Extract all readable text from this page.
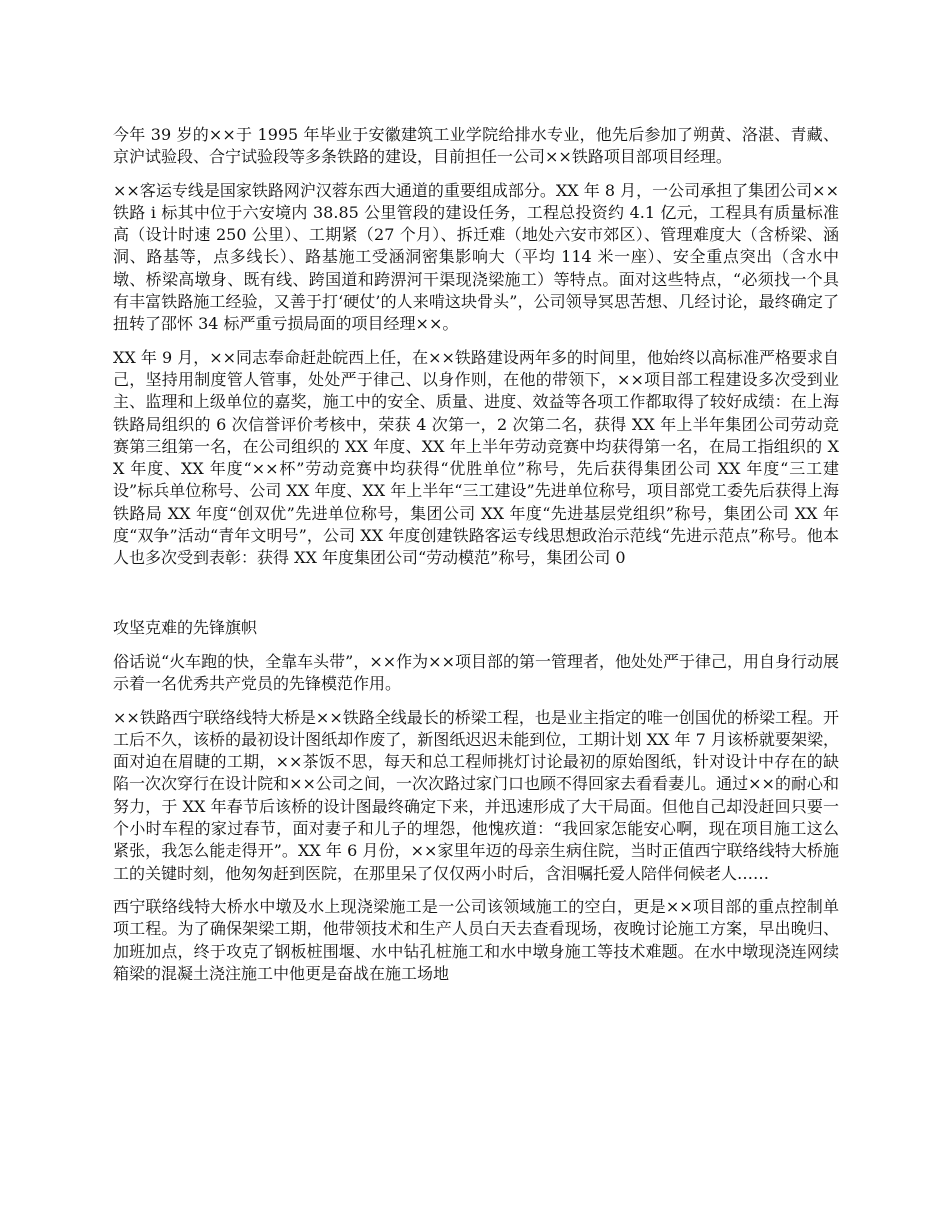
今年 39 岁的××于 1995 年毕业于安徽建筑工业学院给排水专业，他先后参加了朔黄、洛湛、青藏、京沪试验段、合宁试验段等多条铁路的建设，目前担任一公司××铁路项目部项目经理。

××客运专线是国家铁路网沪汉蓉东西大通道的重要组成部分。XX 年 8 月，一公司承担了集团公司××铁路 i 标其中位于六安境内 38.85 公里管段的建设任务，工程总投资约 4.1 亿元，工程具有质量标准高（设计时速 250 公里）、工期紧（27 个月）、拆迁难（地处六安市郊区）、管理难度大（含桥梁、涵洞、路基等，点多线长）、路基施工受涵洞密集影响大（平均 114 米一座）、安全重点突出（含水中墩、桥梁高墩身、既有线、跨国道和跨淠河干渠现浇梁施工）等特点。面对这些特点，“必须找一个具有丰富铁路施工经验，又善于打‘硬仗’的人来啃这块骨头”，公司领导冥思苦想、几经讨论，最终确定了扭转了邵怀 34 标严重亏损局面的项目经理××。

XX 年 9 月，××同志奉命赶赴皖西上任，在××铁路建设两年多的时间里，他始终以高标准严格要求自己，坚持用制度管人管事，处处严于律己、以身作则，在他的带领下，××项目部工程建设多次受到业主、监理和上级单位的嘉奖，施工中的安全、质量、进度、效益等各项工作都取得了较好成绩：在上海铁路局组织的 6 次信誉评价考核中，荣获 4 次第一，2 次第二名，获得 XX 年上半年集团公司劳动竞赛第三组第一名，在公司组织的 XX 年度、XX 年上半年劳动竞赛中均获得第一名，在局工指组织的 XX 年度、XX 年度“××杯”劳动竞赛中均获得“优胜单位”称号，先后获得集团公司 XX 年度“三工建设”标兵单位称号、公司 XX 年度、XX 年上半年“三工建设”先进单位称号，项目部党工委先后获得上海铁路局 XX 年度“创双优”先进单位称号，集团公司 XX 年度“先进基层党组织”称号，集团公司 XX 年度“双争”活动“青年文明号”，公司 XX 年度创建铁路客运专线思想政治示范线“先进示范点”称号。他本人也多次受到表彰：获得 XX 年度集团公司“劳动模范”称号，集团公司 0

攻坚克难的先锋旗帜

俗话说“火车跑的快，全靠车头带”，××作为××项目部的第一管理者，他处处严于律己，用自身行动展示着一名优秀共产党员的先锋模范作用。

××铁路西宁联络线特大桥是××铁路全线最长的桥梁工程，也是业主指定的唯一创国优的桥梁工程。开工后不久，该桥的最初设计图纸却作废了，新图纸迟迟未能到位，工期计划 XX 年 7 月该桥就要架梁，面对迫在眉睫的工期，××茶饭不思，每天和总工程师挑灯讨论最初的原始图纸，针对设计中存在的缺陷一次次穿行在设计院和××公司之间，一次次路过家门口也顾不得回家去看看妻儿。通过××的耐心和努力，于 XX 年春节后该桥的设计图最终确定下来，并迅速形成了大干局面。但他自己却没赶回只要一个小时车程的家过春节，面对妻子和儿子的埋怨，他愧疚道：“我回家怎能安心啊，现在项目施工这么紧张，我怎么能走得开”。XX 年 6 月份，××家里年迈的母亲生病住院，当时正值西宁联络线特大桥施工的关键时刻，他匆匆赶到医院，在那里呆了仅仅两小时后，含泪嘱托爱人陪伴伺候老人……

西宁联络线特大桥水中墩及水上现浇梁施工是一公司该领域施工的空白，更是××项目部的重点控制单项工程。为了确保架梁工期，他带领技术和生产人员白天去查看现场，夜晚讨论施工方案，早出晚归、加班加点，终于攻克了钢板桩围堰、水中钻孔桩施工和水中墩身施工等技术难题。在水中墩现浇连网续箱梁的混凝土浇注施工中他更是奋战在施工场地
